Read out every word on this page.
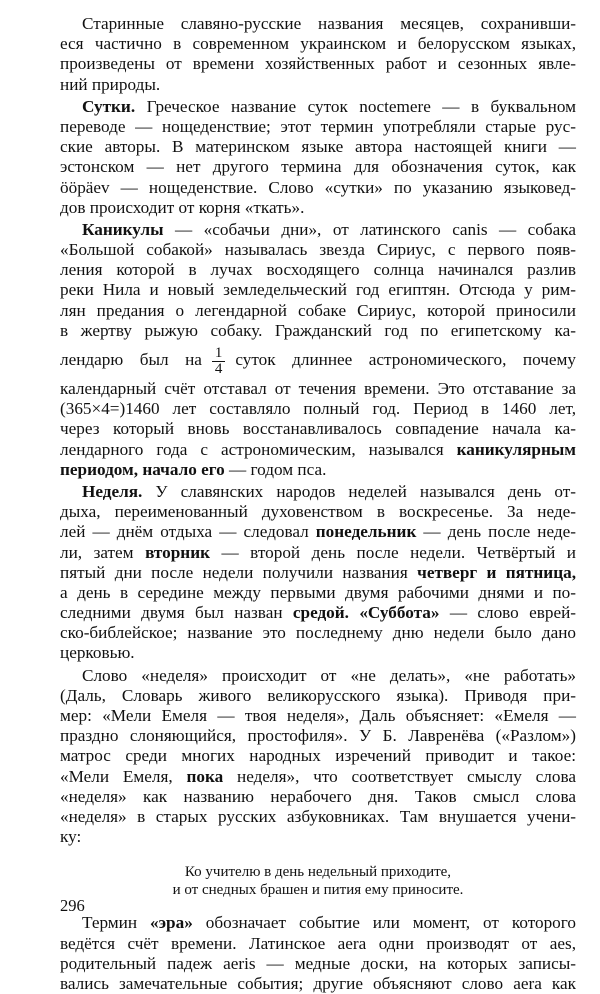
Старинные славяно-русские названия месяцев, сохранивши-
еся частично в современном украинском и белорусском языках,
произведены от времени хозяйственных работ и сезонных явле-
ний природы.
Сутки. Греческое название суток noctemere — в буквальном
переводе — нощеденствие; этот термин употребляли старые рус-
ские авторы. В материнском языке автора настоящей книги —
эстонском — нет другого термина для обозначения суток, как
ööpäev — нощеденствие. Слово «сутки» по указанию языковед-
дов происходит от корня «ткать».
Каникулы — «собачьи дни», от латинского canis — собака
«Большой собакой» называлась звезда Сириус, с первого появ-
ления которой в лучах восходящего солнца начинался разлив
реки Нила и новый земледельческий год египтян. Отсюда у рим-
лян предания о легендарной собаке Сириус, которой приносили
в жертву рыжую собаку. Гражданский год по египетскому ка-
лендарю был на $\frac{1}{4}$ суток длиннее астрономического, почему
календарный счёт отставал от течения времени. Это отставание за
(365×4=)1460 лет составляло полный год. Период в 1460 лет,
через который вновь восстанавливалось совпадение начала ка-
лендарного года с астрономическим, назывался каникулярным
периодом, начало его — годом пса.
Неделя. У славянских народов неделей назывался день от-
дыха, переименованный духовенством в воскресенье. За неде-
лей — днём отдыха — следовал понедельник — день после неде-
ли, затем вторник — второй день после недели. Четвёртый и
пятый дни после недели получили названия четверг и пятница,
а день в середине между первыми двумя рабочими днями и по-
следними двумя был назван средой. «Суббота» — слово еврей-
ско-библейское; название это последнему дню недели было дано
церковью.
Слово «неделя» происходит от «не делать», «не работать»
(Даль, Словарь живого великорусского языка). Приводя при-
мер: «Мели Емеля — твоя неделя», Даль объясняет: «Емеля —
праздно слоняющийся, простофиля». У Б. Лавренёва («Разлом»)
матрос среди многих народных изречений приводит и такое:
«Мели Емеля, пока неделя», что соответствует смыслу слова
«неделя» как названию нерабочего дня. Таков смысл слова
«неделя» в старых русских азбуковниках. Там внушается учени-
ку:
Ко учителю в день недельный приходите,
и от снедных брашен и пития ему приносите.
Термин «эра» обозначает событие или момент, от которого
ведётся счёт времени. Латинское aera одни производят от aes,
родительный падеж aeris — медные доски, на которых записы-
вались замечательные события; другие объясняют слово aera как
296
